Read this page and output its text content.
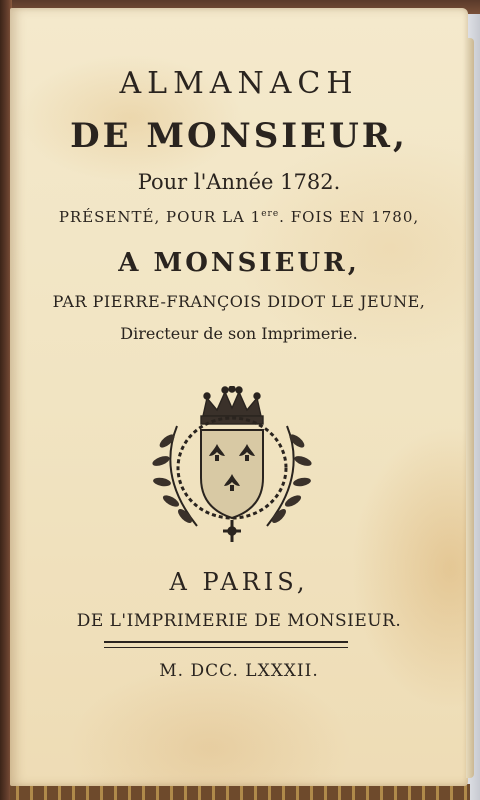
ALMANACH
DE MONSIEUR,
Pour l'Année 1782.
PRÉSENTÉ, POUR LA 1ere. FOIS EN 1780,
A MONSIEUR,
PAR PIERRE-FRANÇOIS DIDOT LE JEUNE,
Directeur de son Imprimerie.
A PARIS,
DE L'IMPRIMERIE DE MONSIEUR.
M. DCC. LXXXII.
